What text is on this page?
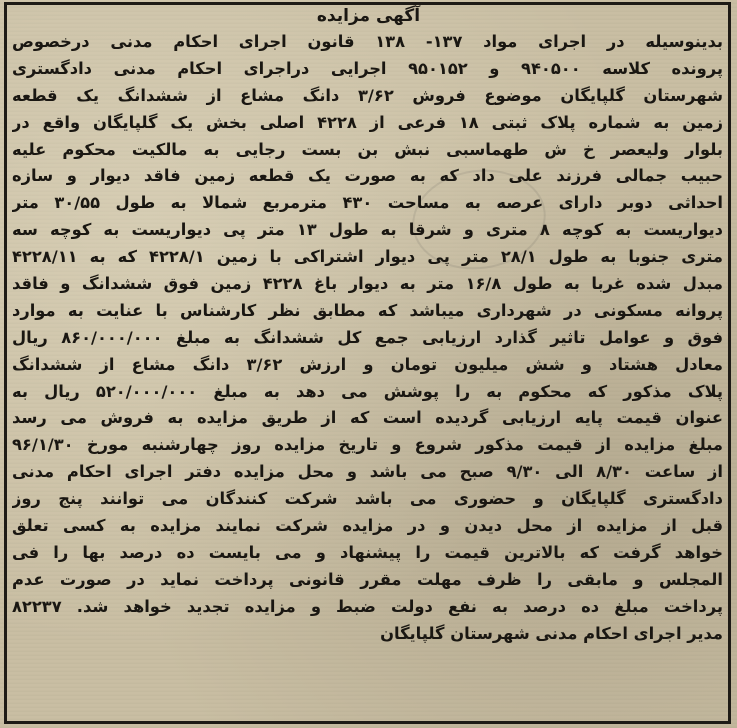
آگهی مزایده
بدینوسیله در اجرای مواد ۱۳۷- ۱۳۸ قانون اجرای احکام مدنی درخصوص
پرونده کلاسه ۹۴۰۵۰۰ و ۹۵۰۱۵۲ اجرایی دراجرای احکام مدنی دادگستری
شهرستان گلپایگان موضوع فروش ۳/۶۲ دانگ مشاع از ششدانگ یک قطعه
زمین به شماره پلاک ثبتی ۱۸ فرعی از ۴۲۲۸ اصلی بخش یک گلپایگان واقع در
بلوار ولیعصر خ ش طهماسبی نبش بن بست رجایی به مالکیت محکوم علیه
حبیب جمالی فرزند علی داد که به صورت یک قطعه زمین فاقد دیوار و سازه
احداثی دوبر دارای عرصه به مساحت ۴۳۰ مترمربع شمالا به طول ۳۰/۵۵ متر
دیواریست به کوچه ۸ متری و شرقا به طول ۱۳ متر پی دیواریست به کوچه سه
متری جنوبا به طول ۲۸/۱ متر پی دیوار اشتراکی با زمین ۴۲۲۸/۱ که به ۴۲۲۸/۱۱
مبدل شده غربا به طول ۱۶/۸ متر به دیوار باغ ۴۲۲۸ زمین فوق ششدانگ و فاقد
پروانه مسکونی در شهرداری میباشد که مطابق نظر کارشناس با عنایت به موارد
فوق و عوامل تاثیر گذارد ارزیابی جمع کل ششدانگ به مبلغ ۸۶۰/۰۰۰/۰۰۰ ریال
معادل هشتاد و شش میلیون تومان و ارزش ۳/۶۲ دانگ مشاع از ششدانگ
پلاک مذکور که محکوم به را پوشش می دهد به مبلغ ۵۲۰/۰۰۰/۰۰۰ ریال به
عنوان قیمت پایه ارزیابی گردیده است که از طریق مزایده به فروش می رسد
مبلغ مزایده از قیمت مذکور شروع و تاریخ مزایده روز چهارشنبه مورخ ۹۶/۱/۳۰
از ساعت ۸/۳۰ الی ۹/۳۰ صبح می باشد و محل مزایده دفتر اجرای احکام مدنی
دادگستری گلپایگان و حضوری می باشد شرکت کنندگان می توانند پنج روز
قبل از مزایده از محل دیدن و در مزایده شرکت نمایند مزایده به کسی تعلق
خواهد گرفت که بالاترین قیمت را پیشنهاد و می بایست ده درصد بها را فی
المجلس و مابقی را ظرف مهلت مقرر قانونی پرداخت نماید در صورت عدم
پرداخت مبلغ ده درصد به نفع دولت ضبط و مزایده تجدید خواهد شد. ۸۲۲۳۷
مدیر اجرای احکام مدنی شهرستان گلپایگان
